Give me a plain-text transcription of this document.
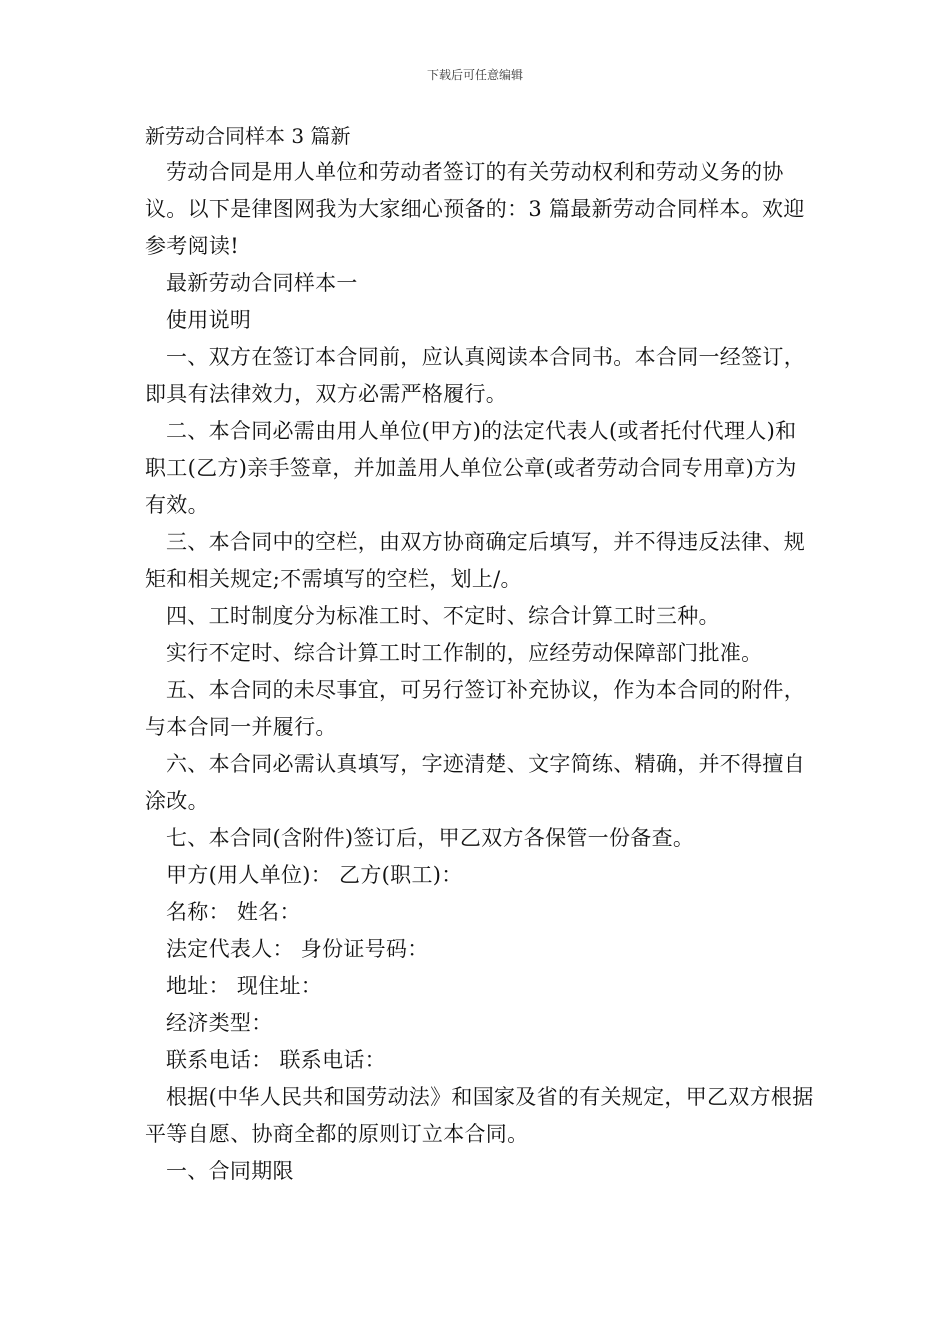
下载后可任意编辑

新劳动合同样本 3 篇新

劳动合同是用人单位和劳动者签订的有关劳动权利和劳动义务的协议。以下是律图网我为大家细心预备的：3 篇最新劳动合同样本。欢迎参考阅读!

最新劳动合同样本一

使用说明

一、双方在签订本合同前，应认真阅读本合同书。本合同一经签订，即具有法律效力，双方必需严格履行。

二、本合同必需由用人单位(甲方)的法定代表人(或者托付代理人)和职工(乙方)亲手签章，并加盖用人单位公章(或者劳动合同专用章)方为有效。

三、本合同中的空栏，由双方协商确定后填写，并不得违反法律、规矩和相关规定;不需填写的空栏，划上/。

四、工时制度分为标准工时、不定时、综合计算工时三种。

实行不定时、综合计算工时工作制的，应经劳动保障部门批准。

五、本合同的未尽事宜，可另行签订补充协议，作为本合同的附件，与本合同一并履行。

六、本合同必需认真填写，字迹清楚、文字简练、精确，并不得擅自涂改。

七、本合同(含附件)签订后，甲乙双方各保管一份备查。

甲方(用人单位)： 乙方(职工)：

名称： 姓名：

法定代表人： 身份证号码：

地址： 现住址：

经济类型：

联系电话： 联系电话：

根据(中华人民共和国劳动法》和国家及省的有关规定，甲乙双方根据平等自愿、协商全都的原则订立本合同。

一、合同期限
